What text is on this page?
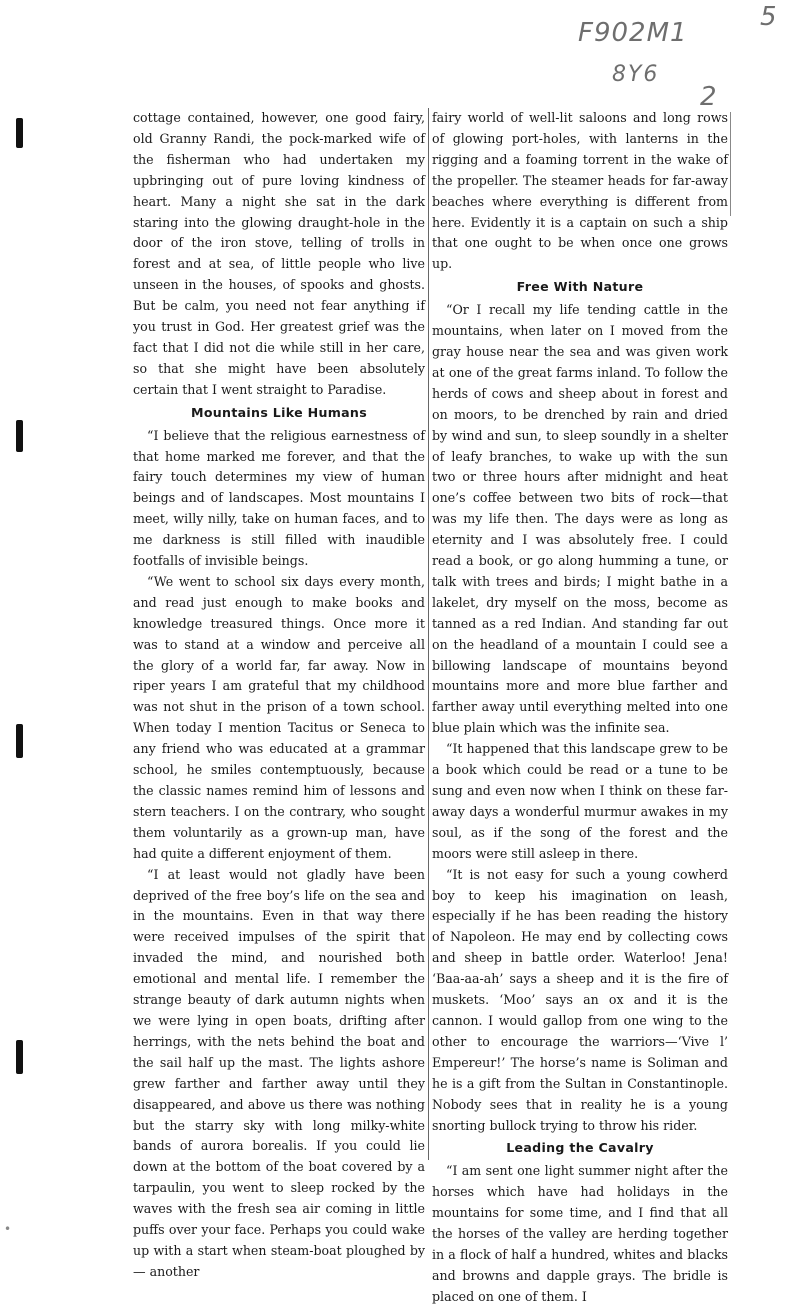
5
F902M1
8Y6
2

cottage contained, however, one good fairy, old Granny Randi, the pock-marked wife of the fisherman who had undertaken my upbringing out of pure loving kindness of heart. Many a night she sat in the dark staring into the glowing draught-hole in the door of the iron stove, telling of trolls in forest and at sea, of little people who live unseen in the houses, of spooks and ghosts. But be calm, you need not fear anything if you trust in God. Her greatest grief was the fact that I did not die while still in her care, so that she might have been absolutely certain that I went straight to Paradise.

Mountains Like Humans

“I believe that the religious earnestness of that home marked me forever, and that the fairy touch determines my view of human beings and of landscapes. Most mountains I meet, willy nilly, take on human faces, and to me darkness is still filled with inaudible footfalls of invisible beings.

“We went to school six days every month, and read just enough to make books and knowledge treasured things. Once more it was to stand at a window and perceive all the glory of a world far, far away. Now in riper years I am grateful that my childhood was not shut in the prison of a town school. When today I mention Tacitus or Seneca to any friend who was educated at a grammar school, he smiles contemptuously, because the classic names remind him of lessons and stern teachers. I on the contrary, who sought them voluntarily as a grown-up man, have had quite a different enjoyment of them.

“I at least would not gladly have been deprived of the free boy’s life on the sea and in the mountains. Even in that way there were received impulses of the spirit that invaded the mind, and nourished both emotional and mental life. I remember the strange beauty of dark autumn nights when we were lying in open boats, drifting after herrings, with the nets behind the boat and the sail half up the mast. The lights ashore grew farther and farther away until they disappeared, and above us there was nothing but the starry sky with long milky-white bands of aurora borealis. If you could lie down at the bottom of the boat covered by a tarpaulin, you went to sleep rocked by the waves with the fresh sea air coming in little puffs over your face. Perhaps you could wake up with a start when steam-boat ploughed by — another

fairy world of well-lit saloons and long rows of glowing port-holes, with lanterns in the rigging and a foaming torrent in the wake of the propeller. The steamer heads for far-away beaches where everything is different from here. Evidently it is a captain on such a ship that one ought to be when once one grows up.

Free With Nature

“Or I recall my life tending cattle in the mountains, when later on I moved from the gray house near the sea and was given work at one of the great farms inland. To follow the herds of cows and sheep about in forest and on moors, to be drenched by rain and dried by wind and sun, to sleep soundly in a shelter of leafy branches, to wake up with the sun two or three hours after midnight and heat one’s coffee between two bits of rock—that was my life then. The days were as long as eternity and I was absolutely free. I could read a book, or go along humming a tune, or talk with trees and birds; I might bathe in a lakelet, dry myself on the moss, become as tanned as a red Indian. And standing far out on the headland of a mountain I could see a billowing landscape of mountains beyond mountains more and more blue farther and farther away until everything melted into one blue plain which was the infinite sea.

“It happened that this landscape grew to be a book which could be read or a tune to be sung and even now when I think on these far-away days a wonderful murmur awakes in my soul, as if the song of the forest and the moors were still asleep in there.

“It is not easy for such a young cowherd boy to keep his imagination on leash, especially if he has been reading the history of Napoleon. He may end by collecting cows and sheep in battle order. Waterloo! Jena! ‘Baa-aa-ah’ says a sheep and it is the fire of muskets. ‘Moo’ says an ox and it is the cannon. I would gallop from one wing to the other to encourage the warriors—‘Vive l’ Empereur!’ The horse’s name is Soliman and he is a gift from the Sultan in Constantinople. Nobody sees that in reality he is a young snorting bullock trying to throw his rider.

Leading the Cavalry

“I am sent one light summer night after the horses which have had holidays in the mountains for some time, and I find that all the horses of the valley are herding together in a flock of half a hundred, whites and blacks and browns and dapple grays. The bridle is placed on one of them. I

•
